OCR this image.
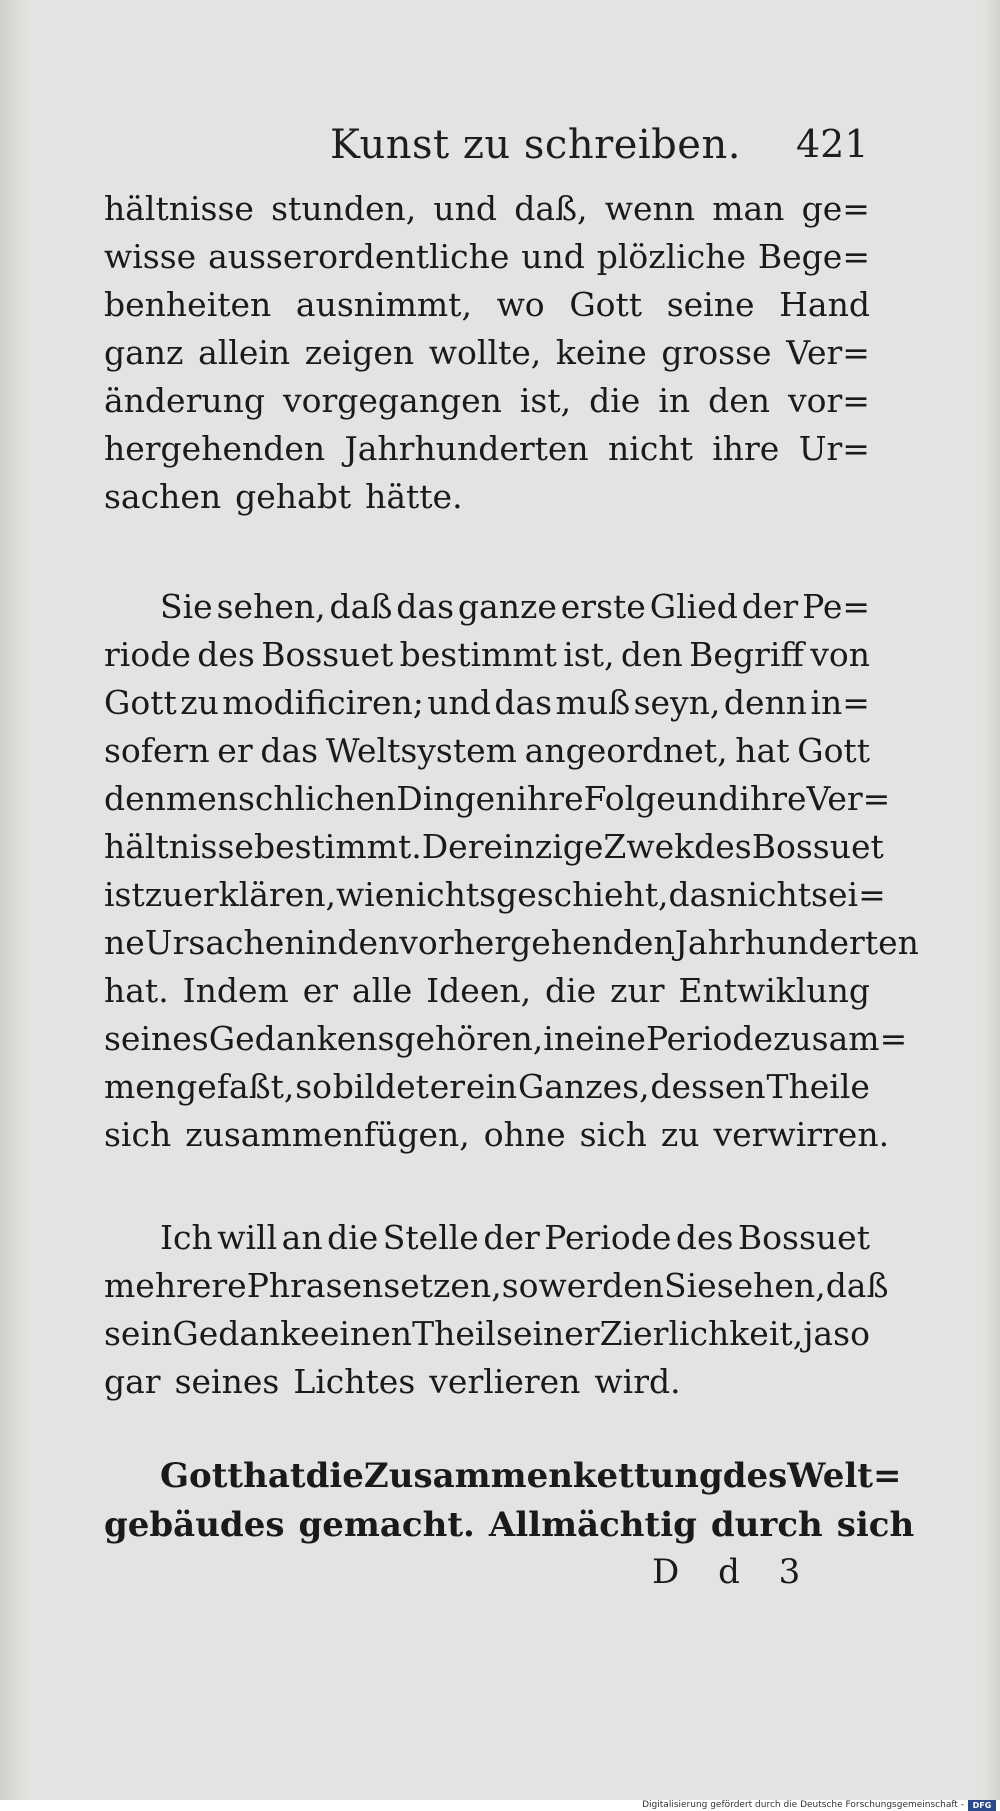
Kunst zu schreiben. 421
hältnisse stunden, und daß, wenn man ge=
wisse ausserordentliche und plözliche Bege=
benheiten ausnimmt, wo Gott seine Hand
ganz allein zeigen wollte, keine grosse Ver=
änderung vorgegangen ist, die in den vor=
hergehenden Jahrhunderten nicht ihre Ur=
sachen gehabt hätte.
Sie sehen, daß das ganze erste Glied der Pe=
riode des Bossuet bestimmt ist, den Begriff von
Gott zu modificiren; und das muß seyn, denn in=
sofern er das Weltsystem angeordnet, hat Gott
den menschlichen Dingen ihre Folge und ihre Ver=
hältnisse bestimmt. Der einzige Zwek des Bossuet
ist zu erklären, wie nichts geschieht, das nicht sei=
ne Ursachen in den vorhergehenden Jahrhunderten
hat. Indem er alle Ideen, die zur Entwiklung
seines Gedankens gehören, in eine Periode zusam=
mengefaßt, so bildet er ein Ganzes, dessen Theile
sich zusammenfügen, ohne sich zu verwirren.
Ich will an die Stelle der Periode des Bossuet
mehrere Phrasen setzen, so werden Sie sehen, daß
sein Gedanke einen Theil seiner Zierlichkeit, ja so
gar seines Lichtes verlieren wird.
Gott hat die Zusammenkettung des Welt=
gebäudes gemacht. Allmächtig durch sich
D d 3
Digitalisierung gefördert durch die Deutsche Forschungsgemeinschaft -	DFG
